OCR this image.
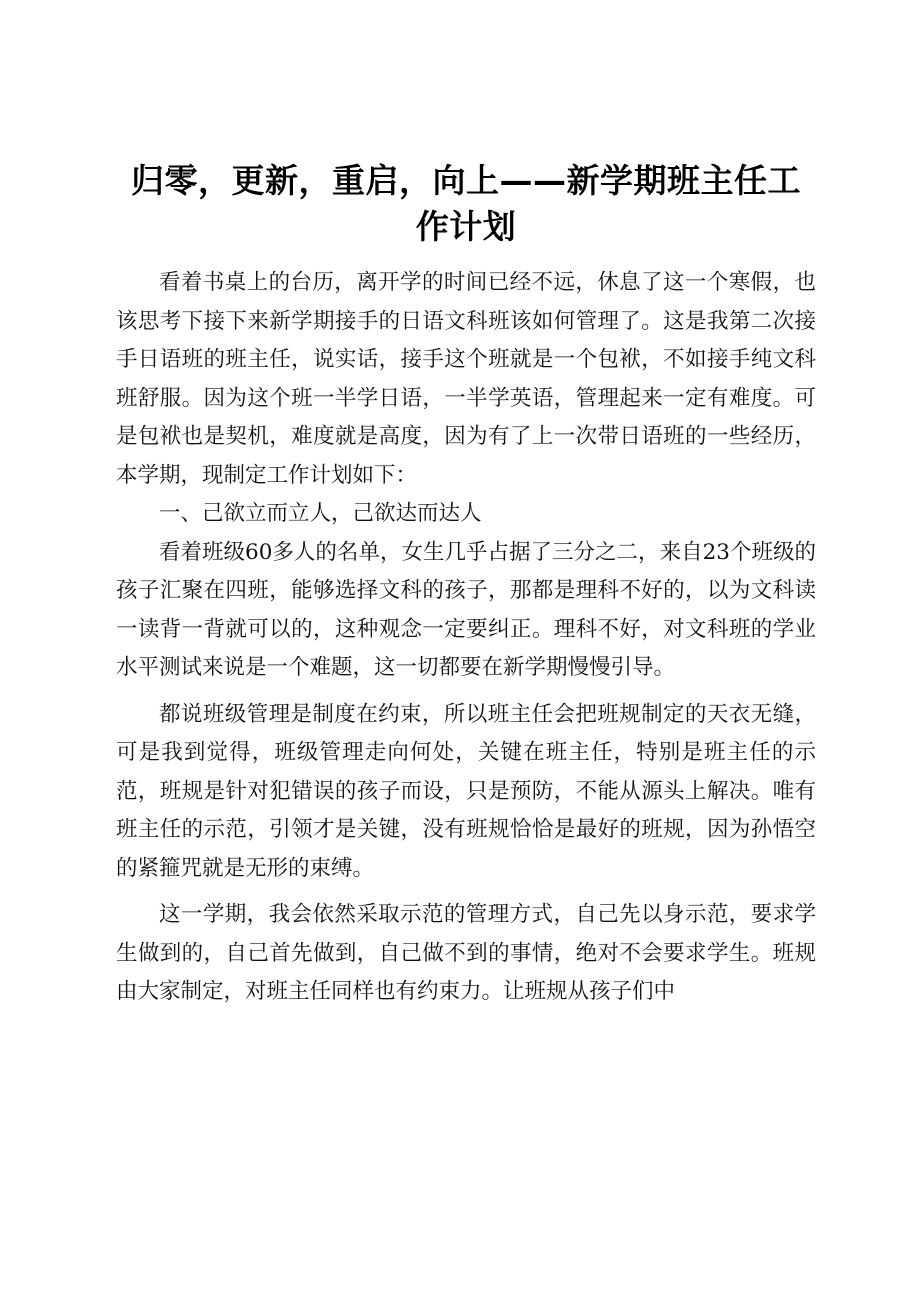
归零，更新，重启，向上——新学期班主任工作计划

看着书桌上的台历，离开学的时间已经不远，休息了这一个寒假，也该思考下接下来新学期接手的日语文科班该如何管理了。这是我第二次接手日语班的班主任，说实话，接手这个班就是一个包袱，不如接手纯文科班舒服。因为这个班一半学日语，一半学英语，管理起来一定有难度。可是包袱也是契机，难度就是高度，因为有了上一次带日语班的一些经历，本学期，现制定工作计划如下：

一、己欲立而立人，己欲达而达人

看着班级60多人的名单，女生几乎占据了三分之二，来自23个班级的孩子汇聚在四班，能够选择文科的孩子，那都是理科不好的，以为文科读一读背一背就可以的，这种观念一定要纠正。理科不好，对文科班的学业水平测试来说是一个难题，这一切都要在新学期慢慢引导。

都说班级管理是制度在约束，所以班主任会把班规制定的天衣无缝，可是我到觉得，班级管理走向何处，关键在班主任，特别是班主任的示范，班规是针对犯错误的孩子而设，只是预防，不能从源头上解决。唯有班主任的示范，引领才是关键，没有班规恰恰是最好的班规，因为孙悟空的紧箍咒就是无形的束缚。

这一学期，我会依然采取示范的管理方式，自己先以身示范，要求学生做到的，自己首先做到，自己做不到的事情，绝对不会要求学生。班规由大家制定，对班主任同样也有约束力。让班规从孩子们中
